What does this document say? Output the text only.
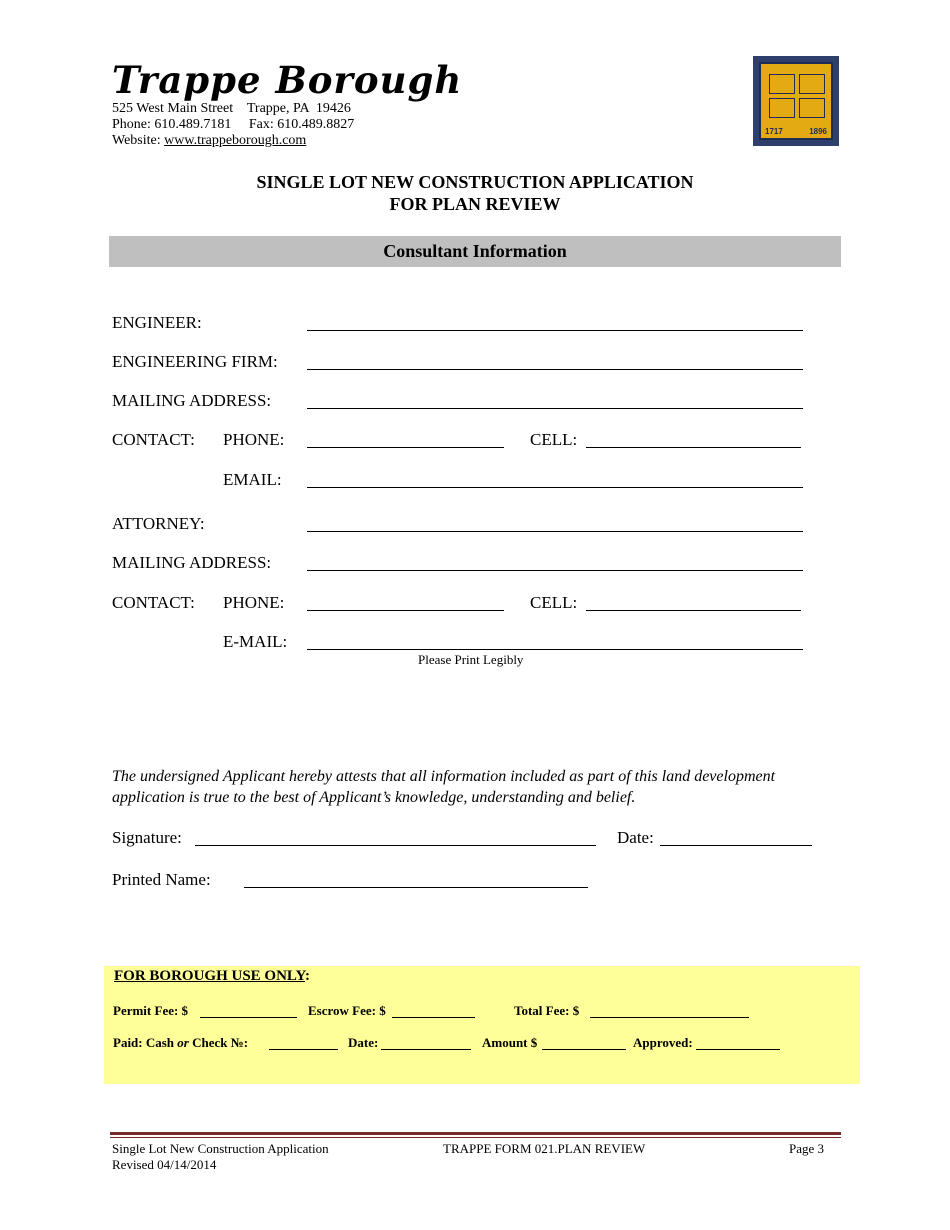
Trappe Borough
525 West Main Street    Trappe, PA  19426
Phone: 610.489.7181     Fax: 610.489.8827
Website: www.trappeborough.com
1717	1896
SINGLE LOT NEW CONSTRUCTION APPLICATION
FOR PLAN REVIEW
Consultant Information
ENGINEER:
ENGINEERING FIRM:
MAILING ADDRESS:
CONTACT: PHONE:	CELL:
EMAIL:
ATTORNEY:
MAILING ADDRESS:
CONTACT: PHONE:	CELL:
E-MAIL:
Please Print Legibly
The undersigned Applicant hereby attests that all information included as part of this land development application is true to the best of Applicant’s knowledge, understanding and belief.
Signature:	Date:
Printed Name:
FOR BOROUGH USE ONLY:
Permit Fee: $	Escrow Fee: $	Total Fee: $
Paid: Cash or Check №:	Date:	Amount $	Approved:
Single Lot New Construction Application
Revised 04/14/2014
TRAPPE FORM 021.PLAN REVIEW	Page 3
